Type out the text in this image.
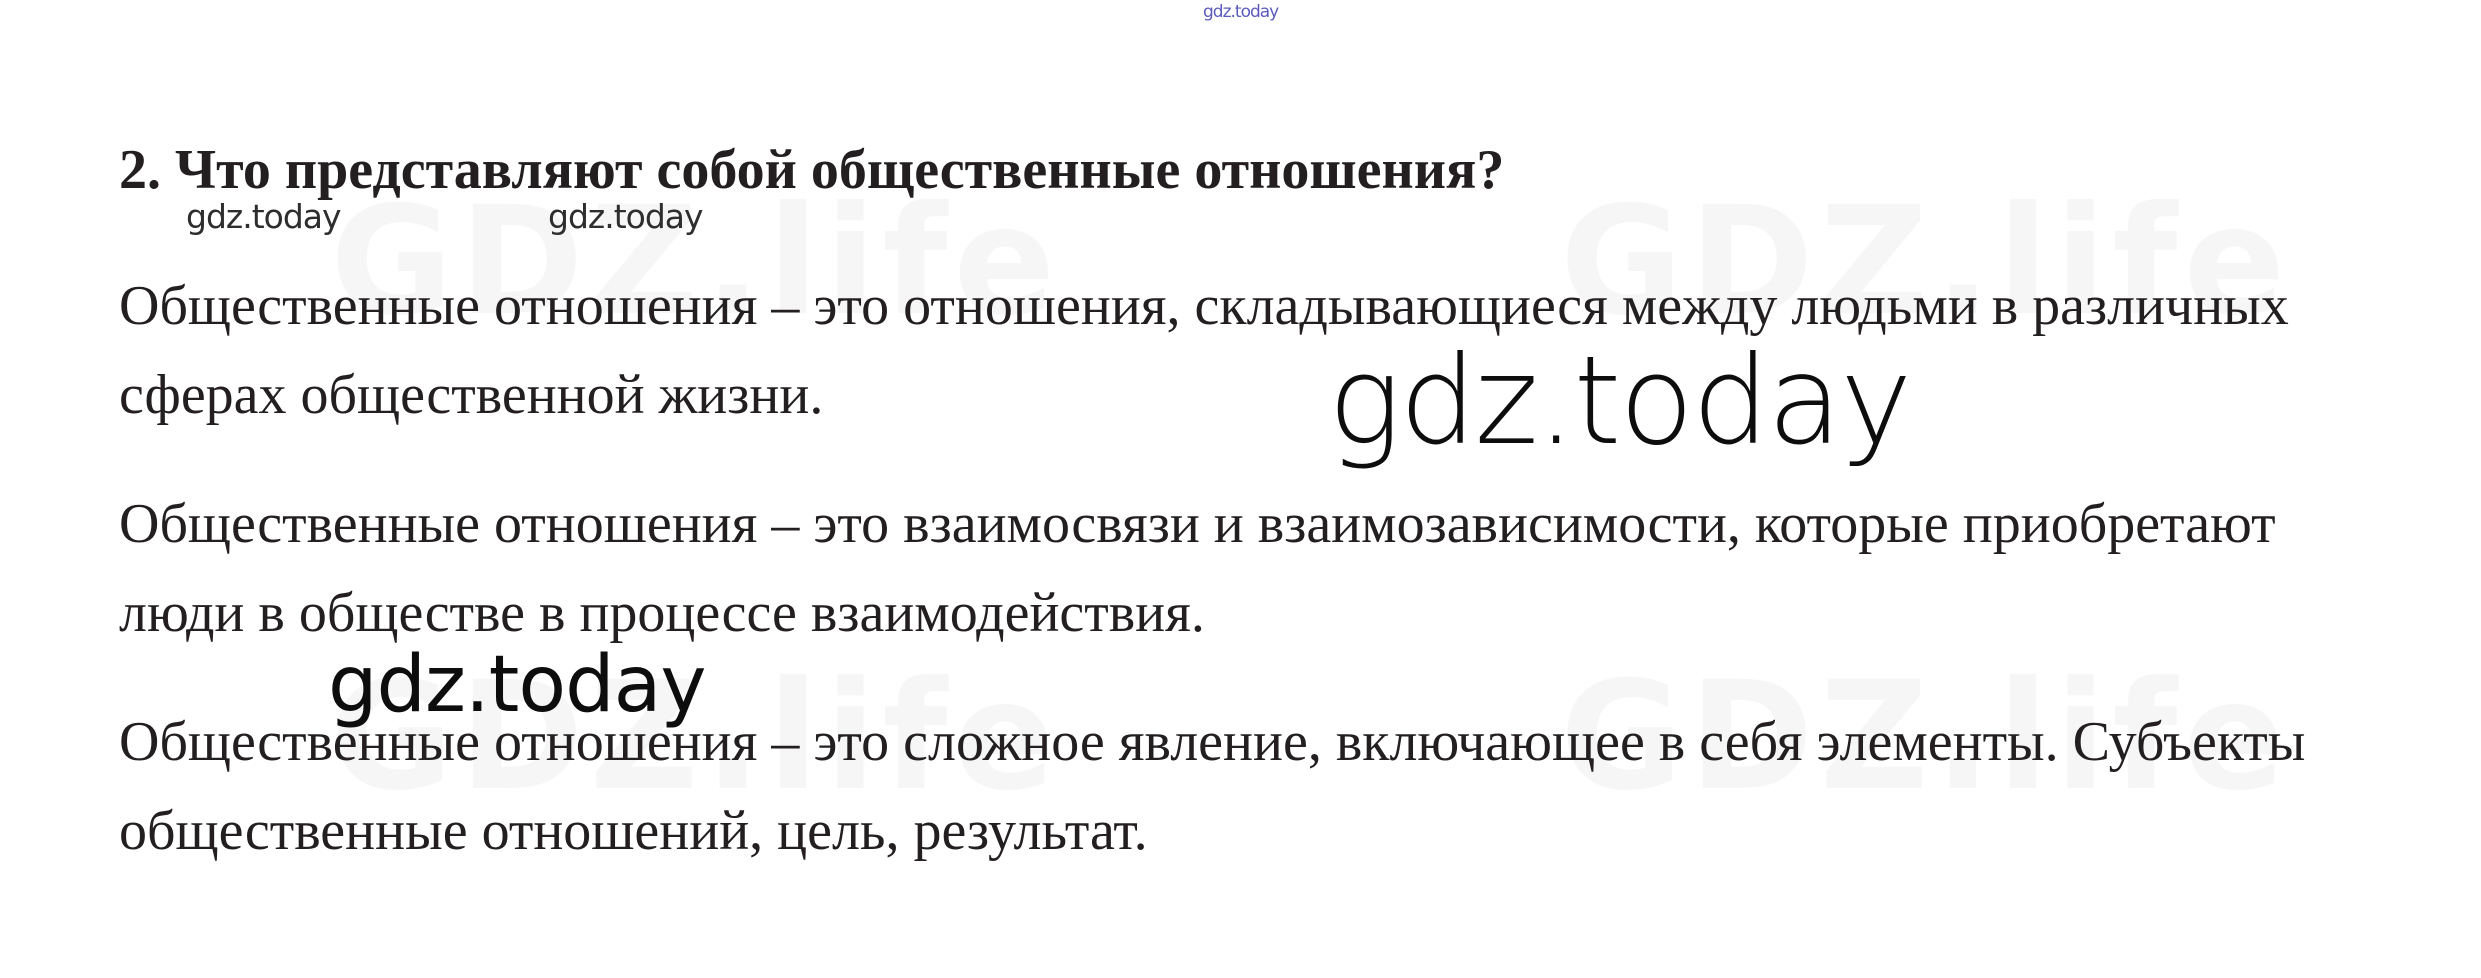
gdz.today
2. Что представляют собой общественные отношения?
gdz.today	gdz.today

Общественные отношения – это отношения, складывающиеся между людьми в различных сферах общественной жизни.

Общественные отношения – это взаимосвязи и взаимозависимости, которые приобретают люди в обществе в процессе взаимодействия.

Общественные отношения – это сложное явление, включающее в себя элементы. Субъекты общественные отношений, цель, результат.

gdz.today
gdz.today
